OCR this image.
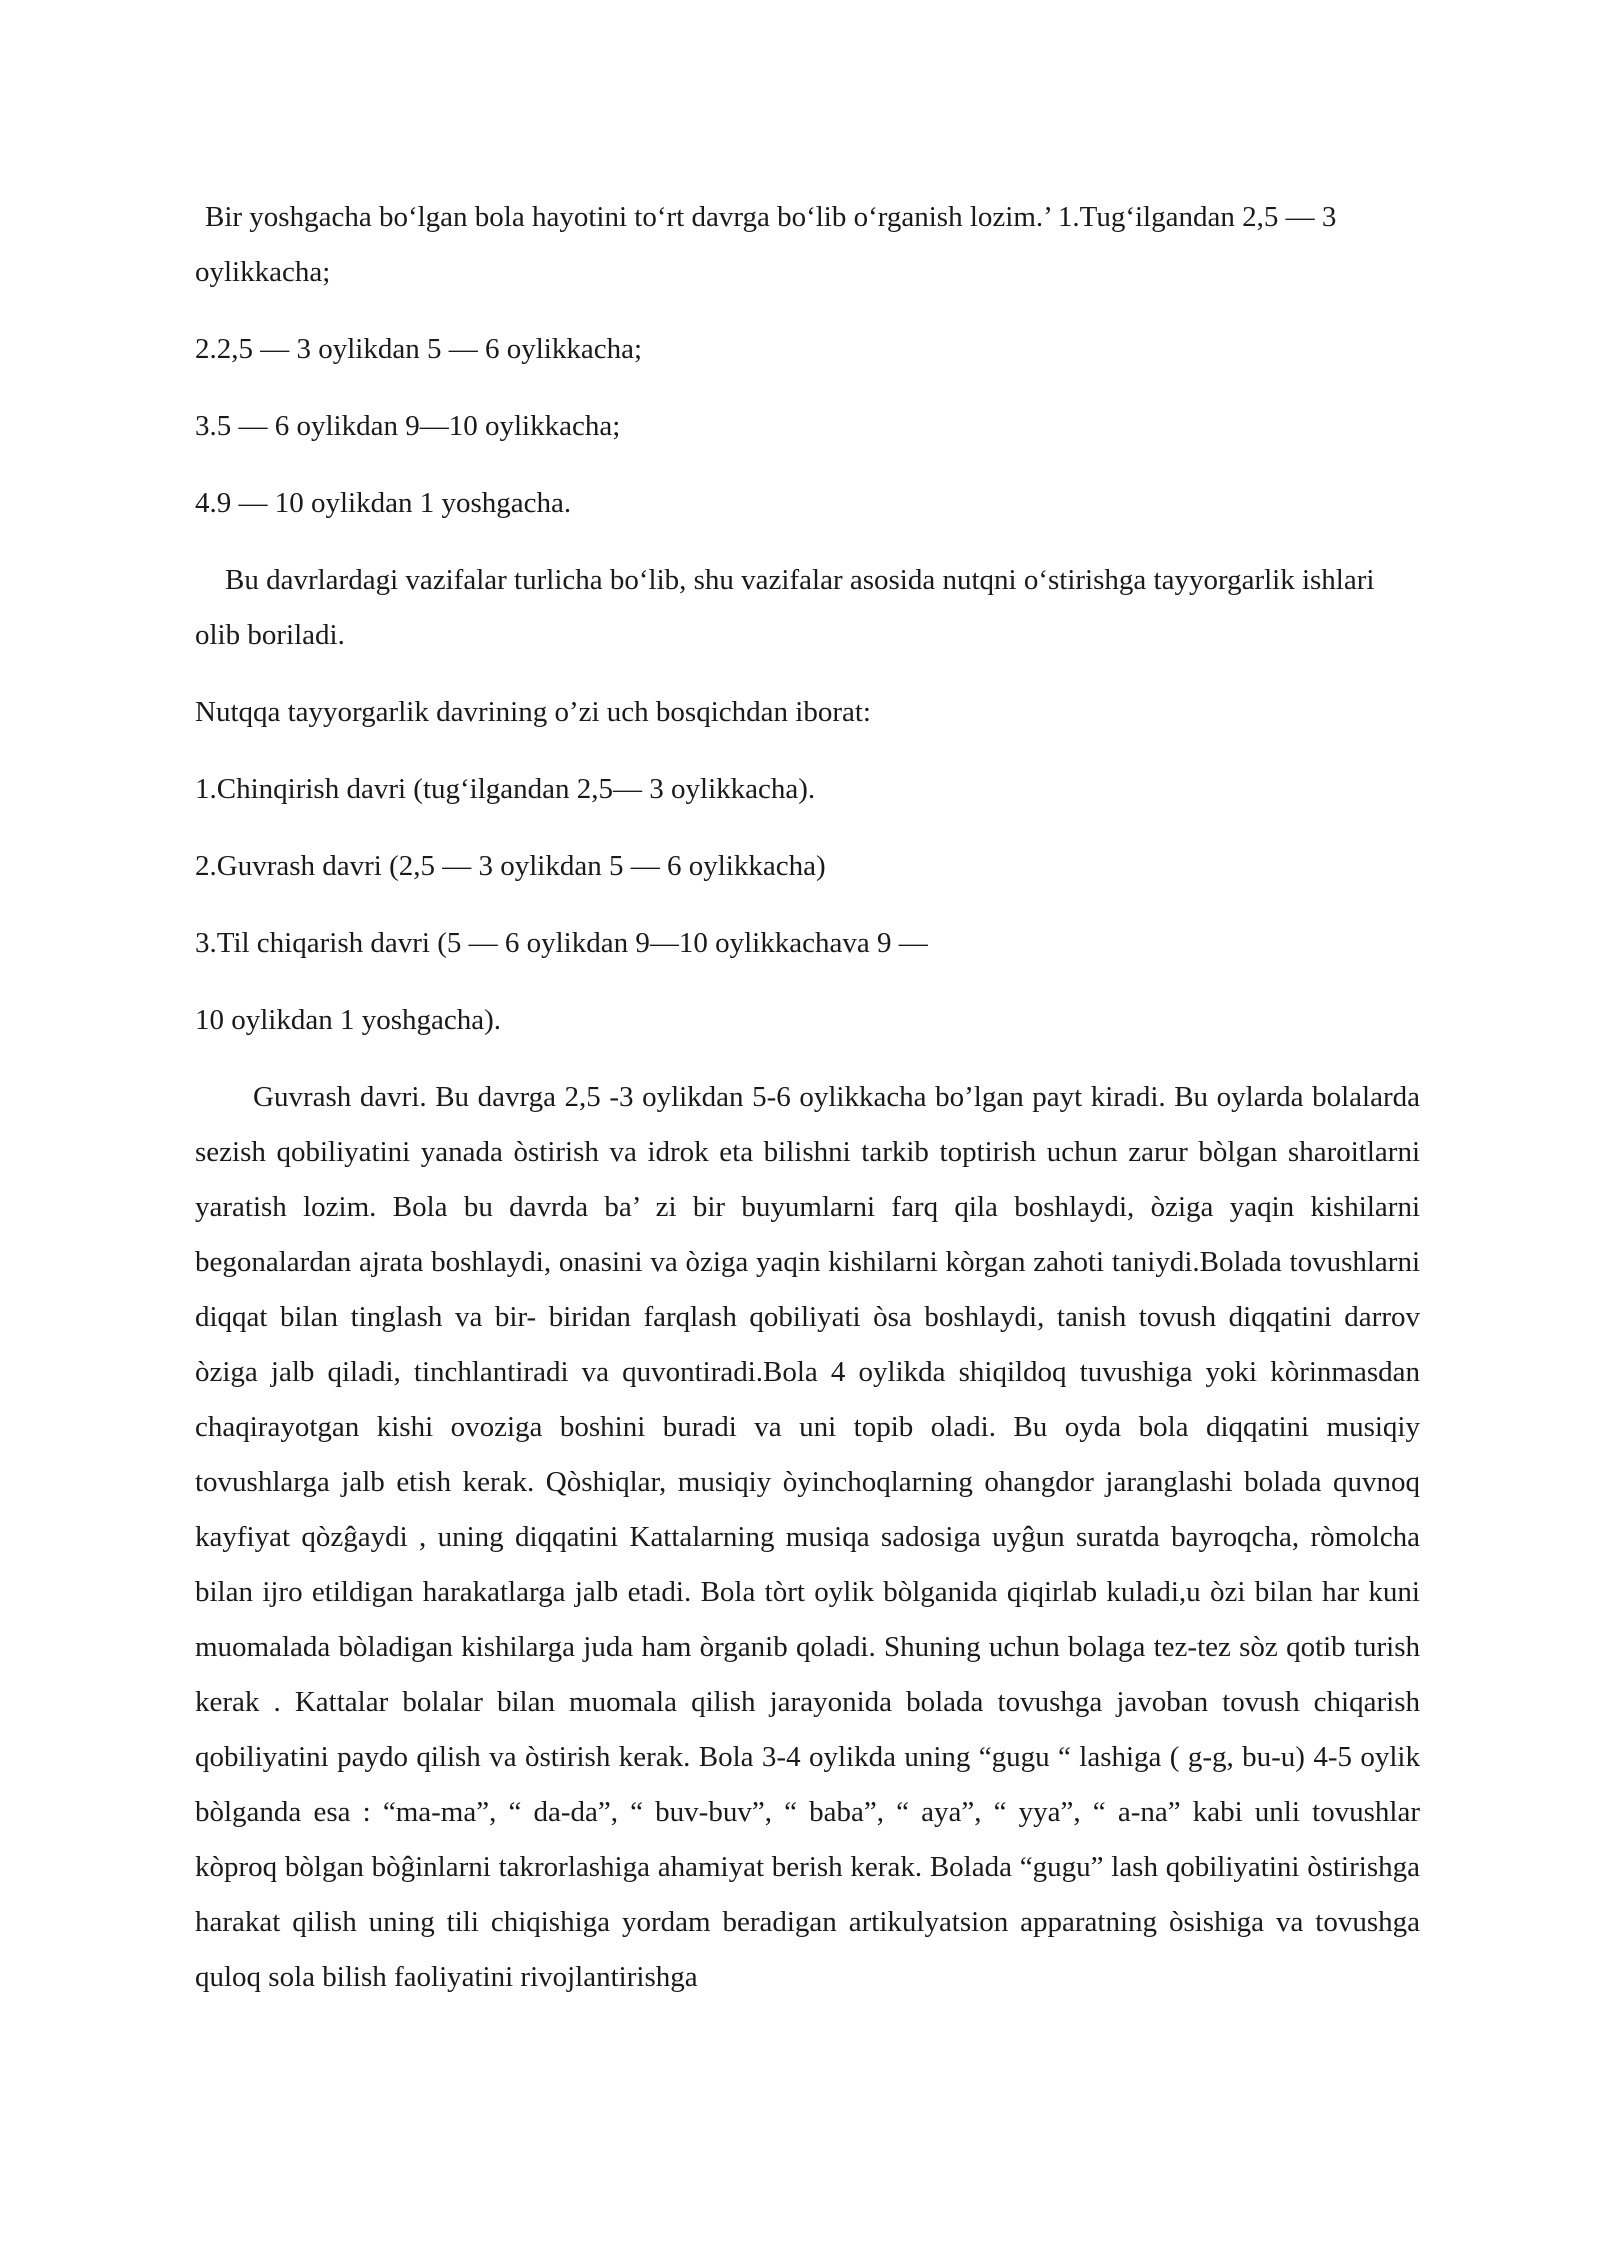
Bir yoshgacha bo‘lgan bola hayotini to‘rt davrga bo‘lib o‘rganish lozim.’ 1.Tug‘ilgandan 2,5 — 3 oylikkacha;

2.2,5 — 3 oylikdan 5 — 6 oylikkacha;

3.5 — 6 oylikdan 9—10 oylikkacha;

4.9 — 10 oylikdan 1 yoshgacha.

Bu davrlardagi vazifalar turlicha bo‘lib, shu vazifalar asosida nutqni o‘stirishga tayyorgarlik ishlari olib boriladi.

Nutqqa tayyorgarlik davrining o’zi uch bosqichdan iborat:

1.Chinqirish davri (tug‘ilgandan 2,5— 3 oylikkacha).

2.Guvrash davri (2,5 — 3 oylikdan 5 — 6 oylikkacha)

3.Til chiqarish davri (5 — 6 oylikdan 9—10 oylikkachava 9 —

10 oylikdan 1 yoshgacha).

Guvrash davri. Bu davrga 2,5 -3 oylikdan 5-6 oylikkacha bo’lgan payt kiradi. Bu oylarda bolalarda sezish qobiliyatini yanada òstirish va idrok eta bilishni tarkib toptirish uchun zarur bòlgan sharoitlarni yaratish lozim. Bola bu davrda ba’ zi bir buyumlarni farq qila boshlaydi, òziga yaqin kishilarni begonalardan ajrata boshlaydi, onasini va òziga yaqin kishilarni kòrgan zahoti taniydi.Bolada tovushlarni diqqat bilan tinglash va bir- biridan farqlash qobiliyati òsa boshlaydi, tanish tovush diqqatini darrov òziga jalb qiladi, tinchlantiradi va quvontiradi.Bola 4 oylikda shiqildoq tuvushiga yoki kòrinmasdan chaqirayotgan kishi ovoziga boshini buradi va uni topib oladi. Bu oyda bola diqqatini musiqiy tovushlarga jalb etish kerak. Qòshiqlar, musiqiy òyinchoqlarning ohangdor jaranglashi bolada quvnoq kayfiyat qòzĝaydi , uning diqqatini Kattalarning musiqa sadosiga uyĝun suratda bayroqcha, ròmolcha bilan ijro etildigan harakatlarga jalb etadi. Bola tòrt oylik bòlganida qiqirlab kuladi,u òzi bilan har kuni muomalada bòladigan kishilarga juda ham òrganib qoladi. Shuning uchun bolaga tez-tez sòz qotib turish kerak . Kattalar bolalar bilan muomala qilish jarayonida bolada tovushga javoban tovush chiqarish qobiliyatini paydo qilish va òstirish kerak. Bola 3-4 oylikda uning “gugu “ lashiga ( g-g, bu-u) 4-5 oylik bòlganda esa : “ma-ma”, “ da-da”, “ buv-buv”, “ baba”, “ aya”, “ yya”, “ a-na” kabi unli tovushlar kòproq bòlgan bòĝinlarni takrorlashiga ahamiyat berish kerak. Bolada “gugu” lash qobiliyatini òstirishga harakat qilish uning tili chiqishiga yordam beradigan artikulyatsion apparatning òsishiga va tovushga quloq sola bilish faoliyatini rivojlantirishga
